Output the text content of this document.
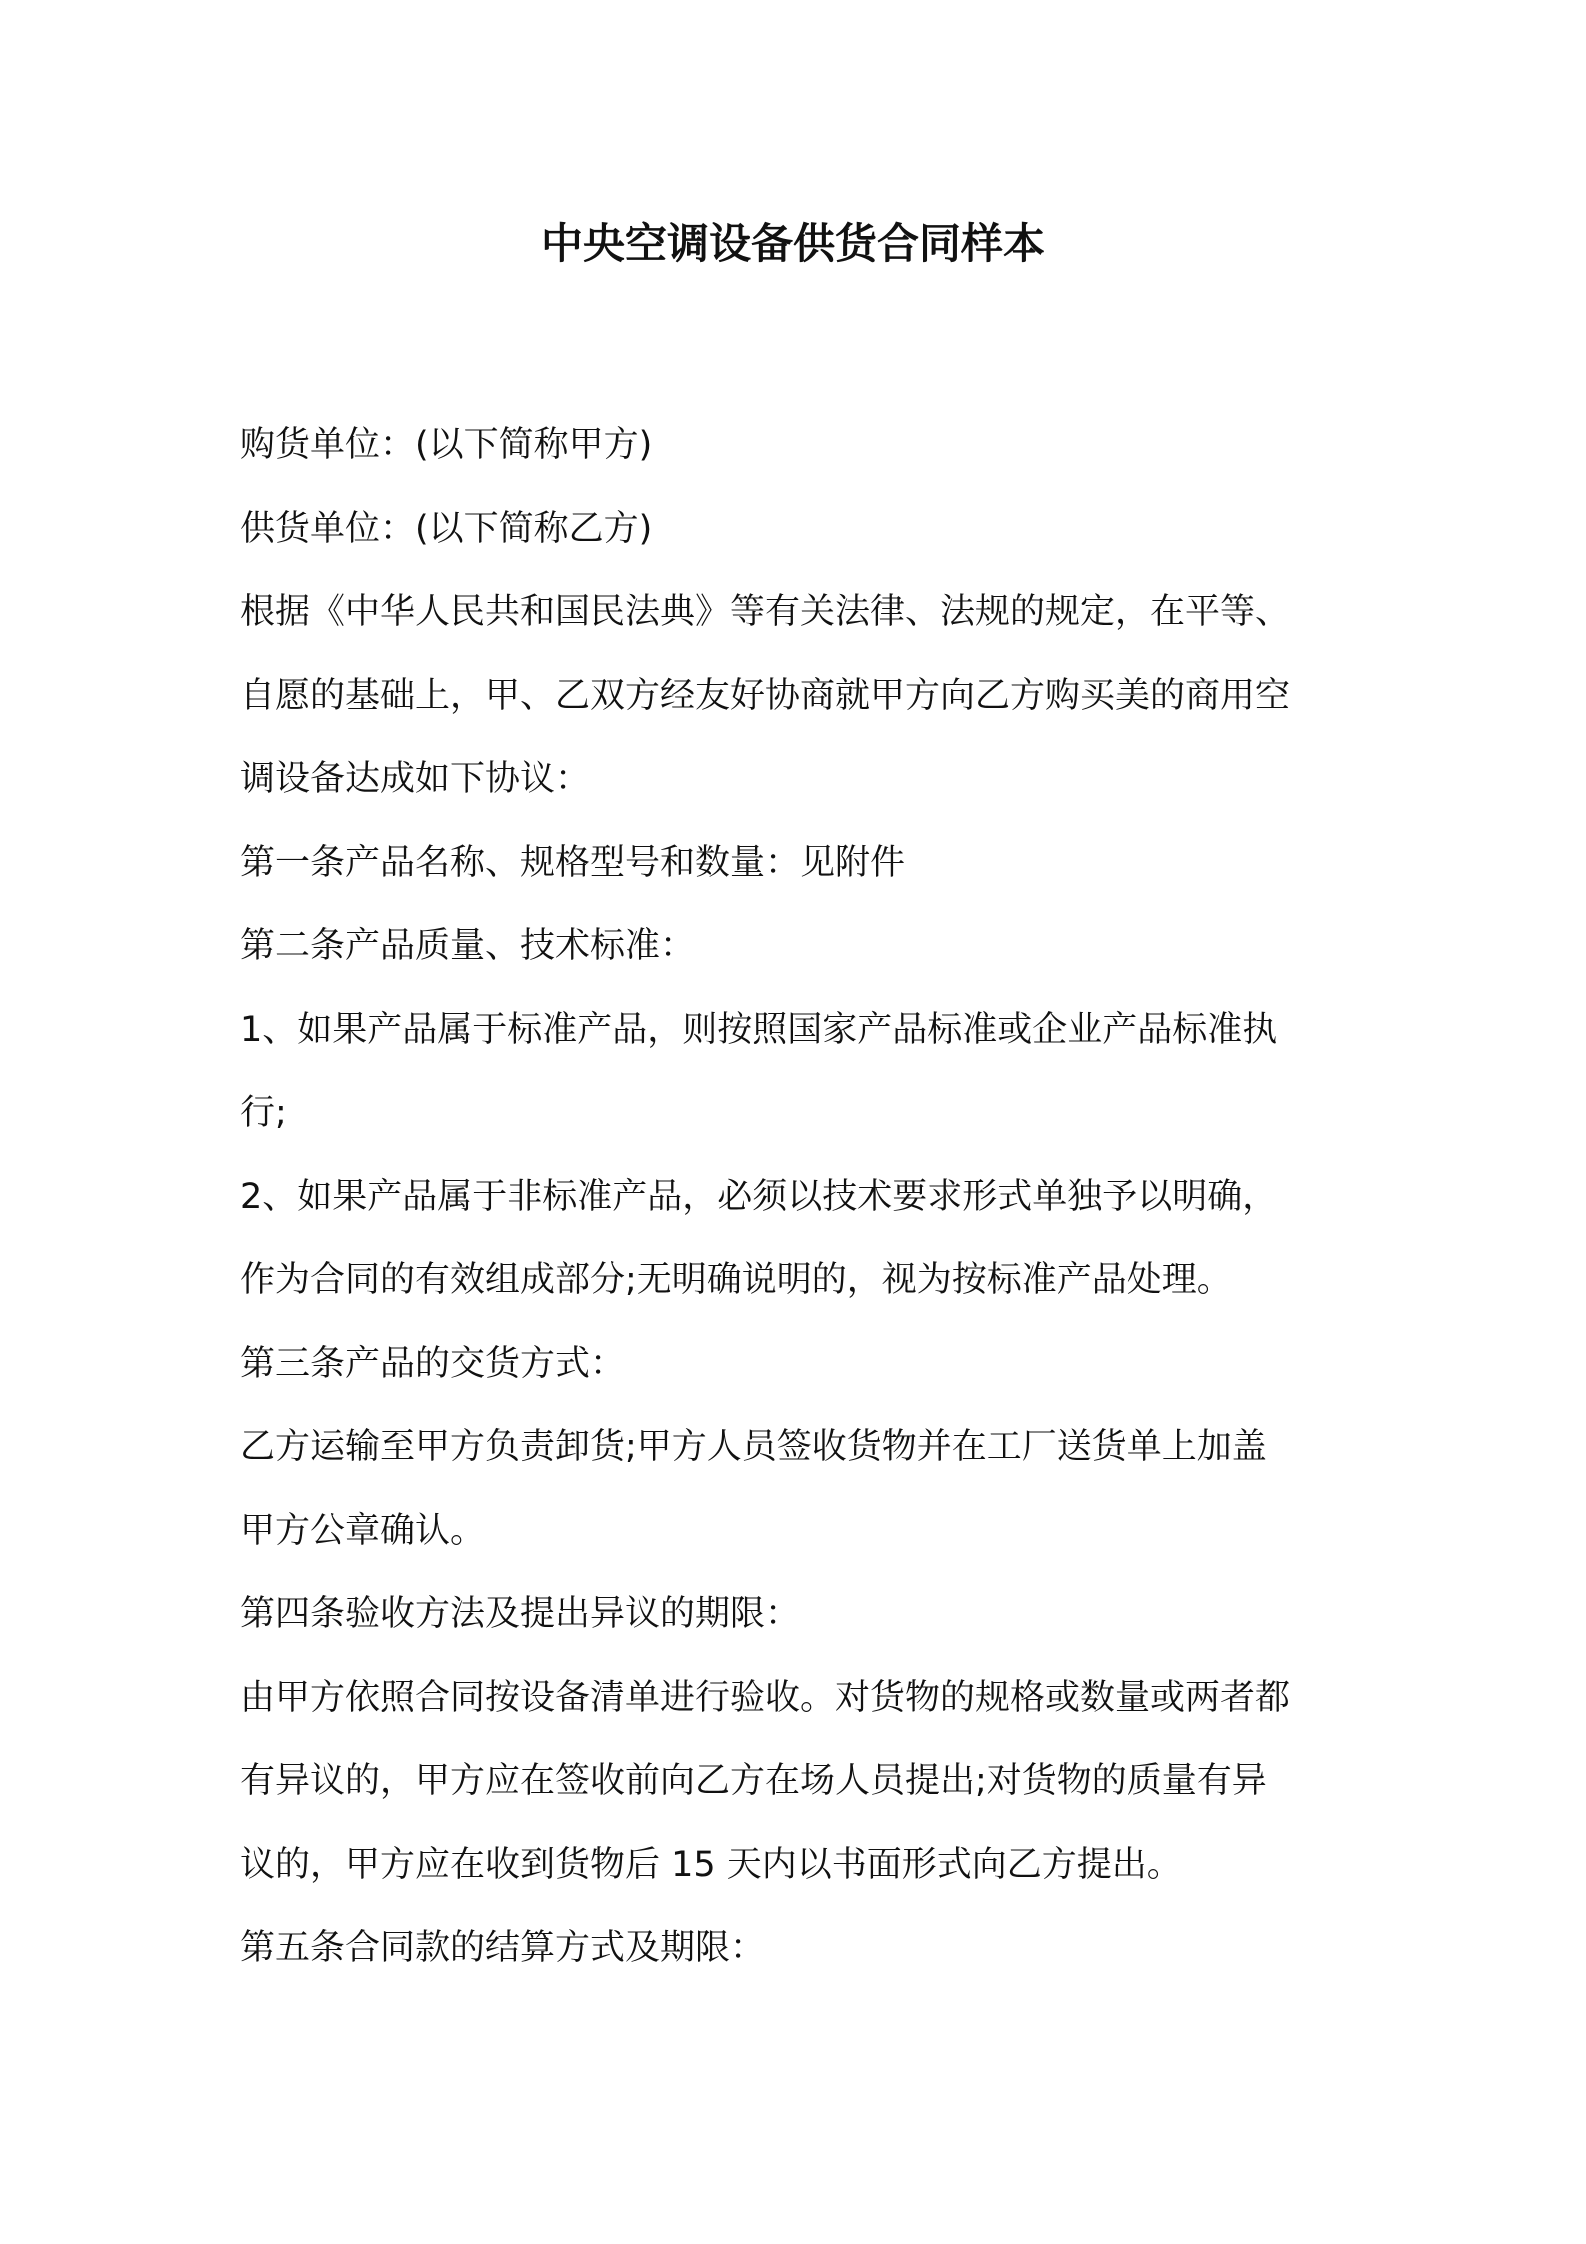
中央空调设备供货合同样本
购货单位：(以下简称甲方)
供货单位：(以下简称乙方)
根据《中华人民共和国民法典》等有关法律、法规的规定，在平等、
自愿的基础上，甲、乙双方经友好协商就甲方向乙方购买美的商用空
调设备达成如下协议：
第一条产品名称、规格型号和数量：见附件
第二条产品质量、技术标准：
1、如果产品属于标准产品，则按照国家产品标准或企业产品标准执
行;
2、如果产品属于非标准产品，必须以技术要求形式单独予以明确，
作为合同的有效组成部分;无明确说明的，视为按标准产品处理。
第三条产品的交货方式：
乙方运输至甲方负责卸货;甲方人员签收货物并在工厂送货单上加盖
甲方公章确认。
第四条验收方法及提出异议的期限：
由甲方依照合同按设备清单进行验收。对货物的规格或数量或两者都
有异议的，甲方应在签收前向乙方在场人员提出;对货物的质量有异
议的，甲方应在收到货物后 15 天内以书面形式向乙方提出。
第五条合同款的结算方式及期限：
